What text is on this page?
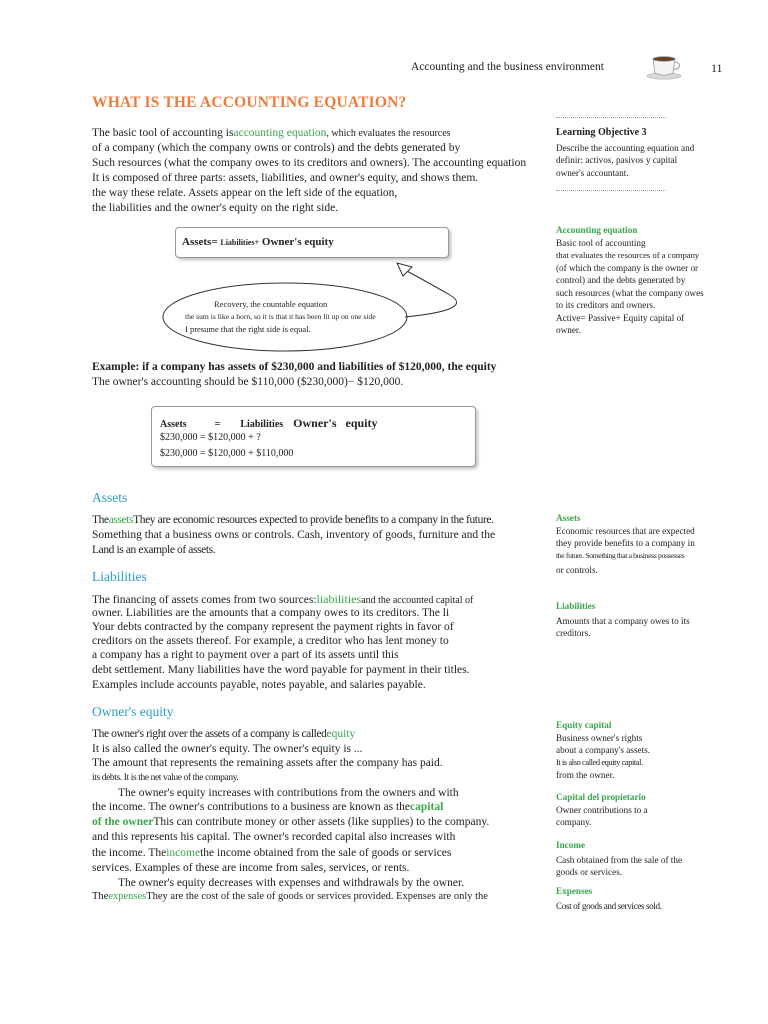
Accounting and the business environment	11
WHAT IS THE ACCOUNTING EQUATION?
The basic tool of accounting isaccounting equation, which evaluates the resources
of a company (which the company owns or controls) and the debts generated by
Such resources (what the company owes to its creditors and owners). The accounting equation
It is composed of three parts: assets, liabilities, and owner's equity, and shows them.
the way these relate. Assets appear on the left side of the equation,
the liabilities and the owner's equity on the right side.
Assets= Liabilities+ Owner's equity
Recovery, the countable equation
the sum is like a horn, so it is that it has been lit up on one side
I presume that the right side is equal.
Example: if a company has assets of $230,000 and liabilities of $120,000, the equity
The owner's accounting should be $110,000 ($230,000)− $120,000.
Assets	= Liabilities Owner's   equity
$230,000 = $120,000 + ?
$230,000 = $120,000 + $110,000
Assets
TheassetsThey are economic resources expected to provide benefits to a company in the future.
Something that a business owns or controls. Cash, inventory of goods, furniture and the
Land is an example of assets.
Liabilities
The financing of assets comes from two sources:liabilitiesand the accounted capital of
owner. Liabilities are the amounts that a company owes to its creditors. The li
Your debts contracted by the company represent the payment rights in favor of
creditors on the assets thereof. For example, a creditor who has lent money to
a company has a right to payment over a part of its assets until this
debt settlement. Many liabilities have the word payable for payment in their titles.
Examples include accounts payable, notes payable, and salaries payable.
Owner's equity
The owner's right over the assets of a company is calledequity
It is also called the owner's equity. The owner's equity is ...
The amount that represents the remaining assets after the company has paid.
its debts. It is the net value of the company.
The owner's equity increases with contributions from the owners and with
the income. The owner's contributions to a business are known as thecapital
of the ownerThis can contribute money or other assets (like supplies) to the company.
and this represents his capital. The owner's recorded capital also increases with
the income. Theincomethe income obtained from the sale of goods or services
services. Examples of these are income from sales, services, or rents.
The owner's equity decreases with expenses and withdrawals by the owner.
TheexpensesThey are the cost of the sale of goods or services provided. Expenses are only the
Learning Objective 3
Describe the accounting equation and
definir: activos, pasivos y capital
owner's accountant.
Accounting equation
Basic tool of accounting
that evaluates the resources of a company
(of which the company is the owner or
control) and the debts generated by
such resources (what the company owes
to its creditors and owners.
Active= Passive+ Equity capital of
owner.
Assets
Economic resources that are expected
they provide benefits to a company in
the future. Something that a business possesses
or controls.
Liabilities
Amounts that a company owes to its
creditors.
Equity capital
Business owner's rights
about a company's assets.
It is also called equity capital.
from the owner.
Capital del propietario
Owner contributions to a
company.
Income
Cash obtained from the sale of the
goods or services.
Expenses
Cost of goods and services sold.
